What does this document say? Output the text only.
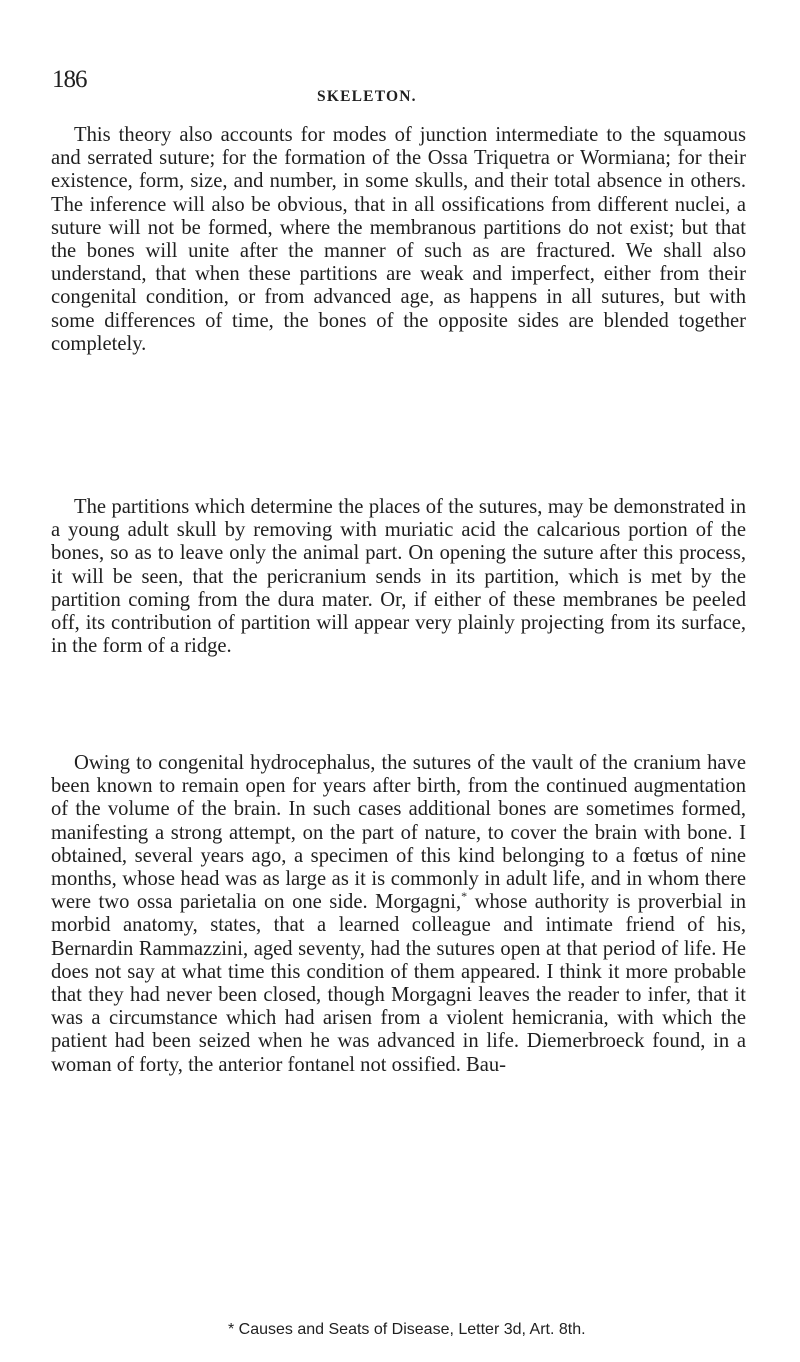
186
SKELETON.

This theory also accounts for modes of junction intermediate to the squamous and serrated suture; for the formation of the Ossa Triquetra or Wormiana; for their existence, form, size, and number, in some skulls, and their total absence in others. The inference will also be obvious, that in all ossifications from different nuclei, a suture will not be formed, where the membranous partitions do not exist; but that the bones will unite after the manner of such as are fractured. We shall also understand, that when these partitions are weak and imperfect, either from their congenital condition, or from advanced age, as happens in all sutures, but with some differences of time, the bones of the opposite sides are blended together completely.

The partitions which determine the places of the sutures, may be demonstrated in a young adult skull by removing with muriatic acid the calcarious portion of the bones, so as to leave only the animal part. On opening the suture after this process, it will be seen, that the pericranium sends in its partition, which is met by the partition coming from the dura mater. Or, if either of these membranes be peeled off, its contribution of partition will appear very plainly projecting from its surface, in the form of a ridge.

Owing to congenital hydrocephalus, the sutures of the vault of the cranium have been known to remain open for years after birth, from the continued augmentation of the volume of the brain. In such cases additional bones are sometimes formed, manifesting a strong attempt, on the part of nature, to cover the brain with bone. I obtained, several years ago, a specimen of this kind belonging to a fœtus of nine months, whose head was as large as it is commonly in adult life, and in whom there were two ossa parietalia on one side. Morgagni,* whose authority is proverbial in morbid anatomy, states, that a learned colleague and intimate friend of his, Bernardin Rammazzini, aged seventy, had the sutures open at that period of life. He does not say at what time this condition of them appeared. I think it more probable that they had never been closed, though Morgagni leaves the reader to infer, that it was a circumstance which had arisen from a violent hemicrania, with which the patient had been seized when he was advanced in life. Diemerbroeck found, in a woman of forty, the anterior fontanel not ossified. Bau-

* Causes and Seats of Disease, Letter 3d, Art. 8th.
